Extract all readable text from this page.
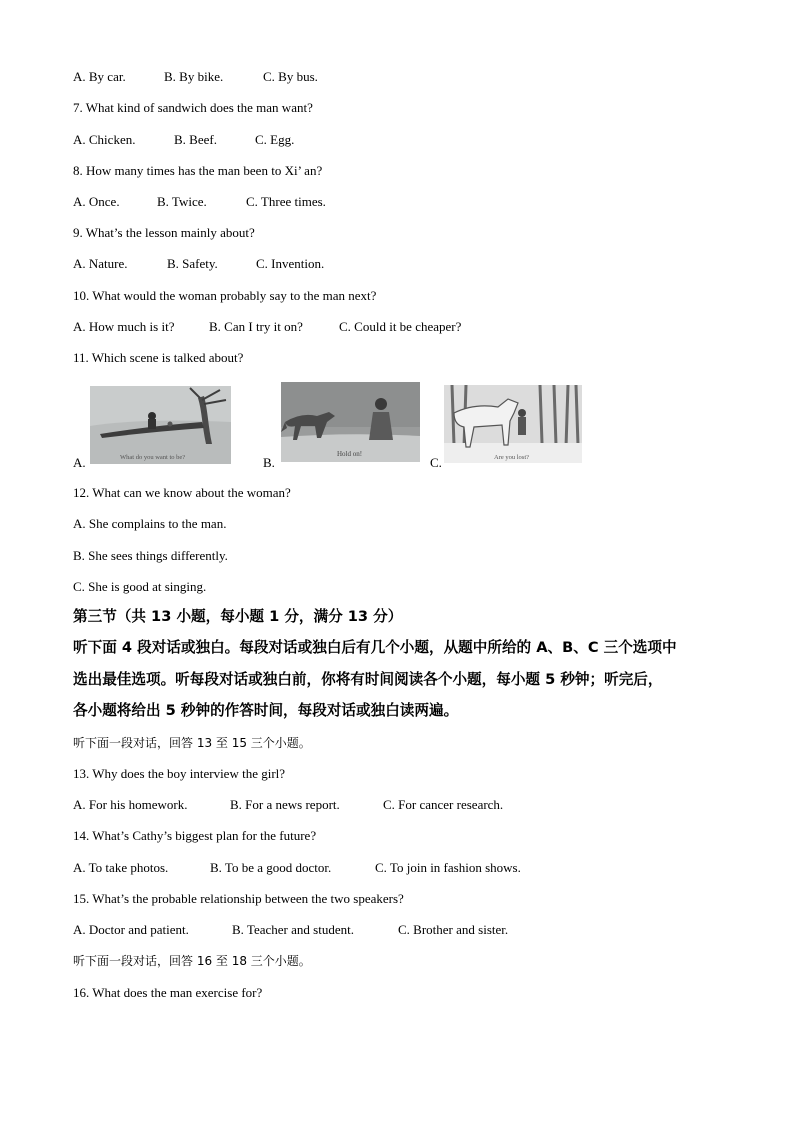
A. By car.	B. By bike.	C. By bus.
7. What kind of sandwich does the man want?
A. Chicken.	B. Beef.	C. Egg.
8. How many times has the man been to Xi’ an?
A. Once.	B. Twice.	C. Three times.
9. What’s the lesson mainly about?
A. Nature.	B. Safety.	C. Invention.
10. What would the woman probably say to the man next?
A. How much is it?	B. Can I try it on?	C. Could it be cheaper?
11. Which scene is talked about?
A.	What do you want to be?	B.
Hold on!
C.	Are you lost?
12. What can we know about the woman?
A. She complains to the man.
B. She sees things differently.
C. She is good at singing.
第三节（共 13 小题，每小题 1 分，满分 13 分）
听下面 4 段对话或独白。每段对话或独白后有几个小题，从题中所给的 A、B、C 三个选项中
选出最佳选项。听每段对话或独白前，你将有时间阅读各个小题，每小题 5 秒钟；听完后，
各小题将给出 5 秒钟的作答时间，每段对话或独白读两遍。
听下面一段对话，回答 13 至 15 三个小题。
13. Why does the boy interview the girl?
A. For his homework.	B. For a news report.	C. For cancer research.
14. What’s Cathy’s biggest plan for the future?
A. To take photos.	B. To be a good doctor.	C. To join in fashion shows.
15. What’s the probable relationship between the two speakers?
A. Doctor and patient.	B. Teacher and student.	C. Brother and sister.
听下面一段对话，回答 16 至 18 三个小题。
16. What does the man exercise for?
